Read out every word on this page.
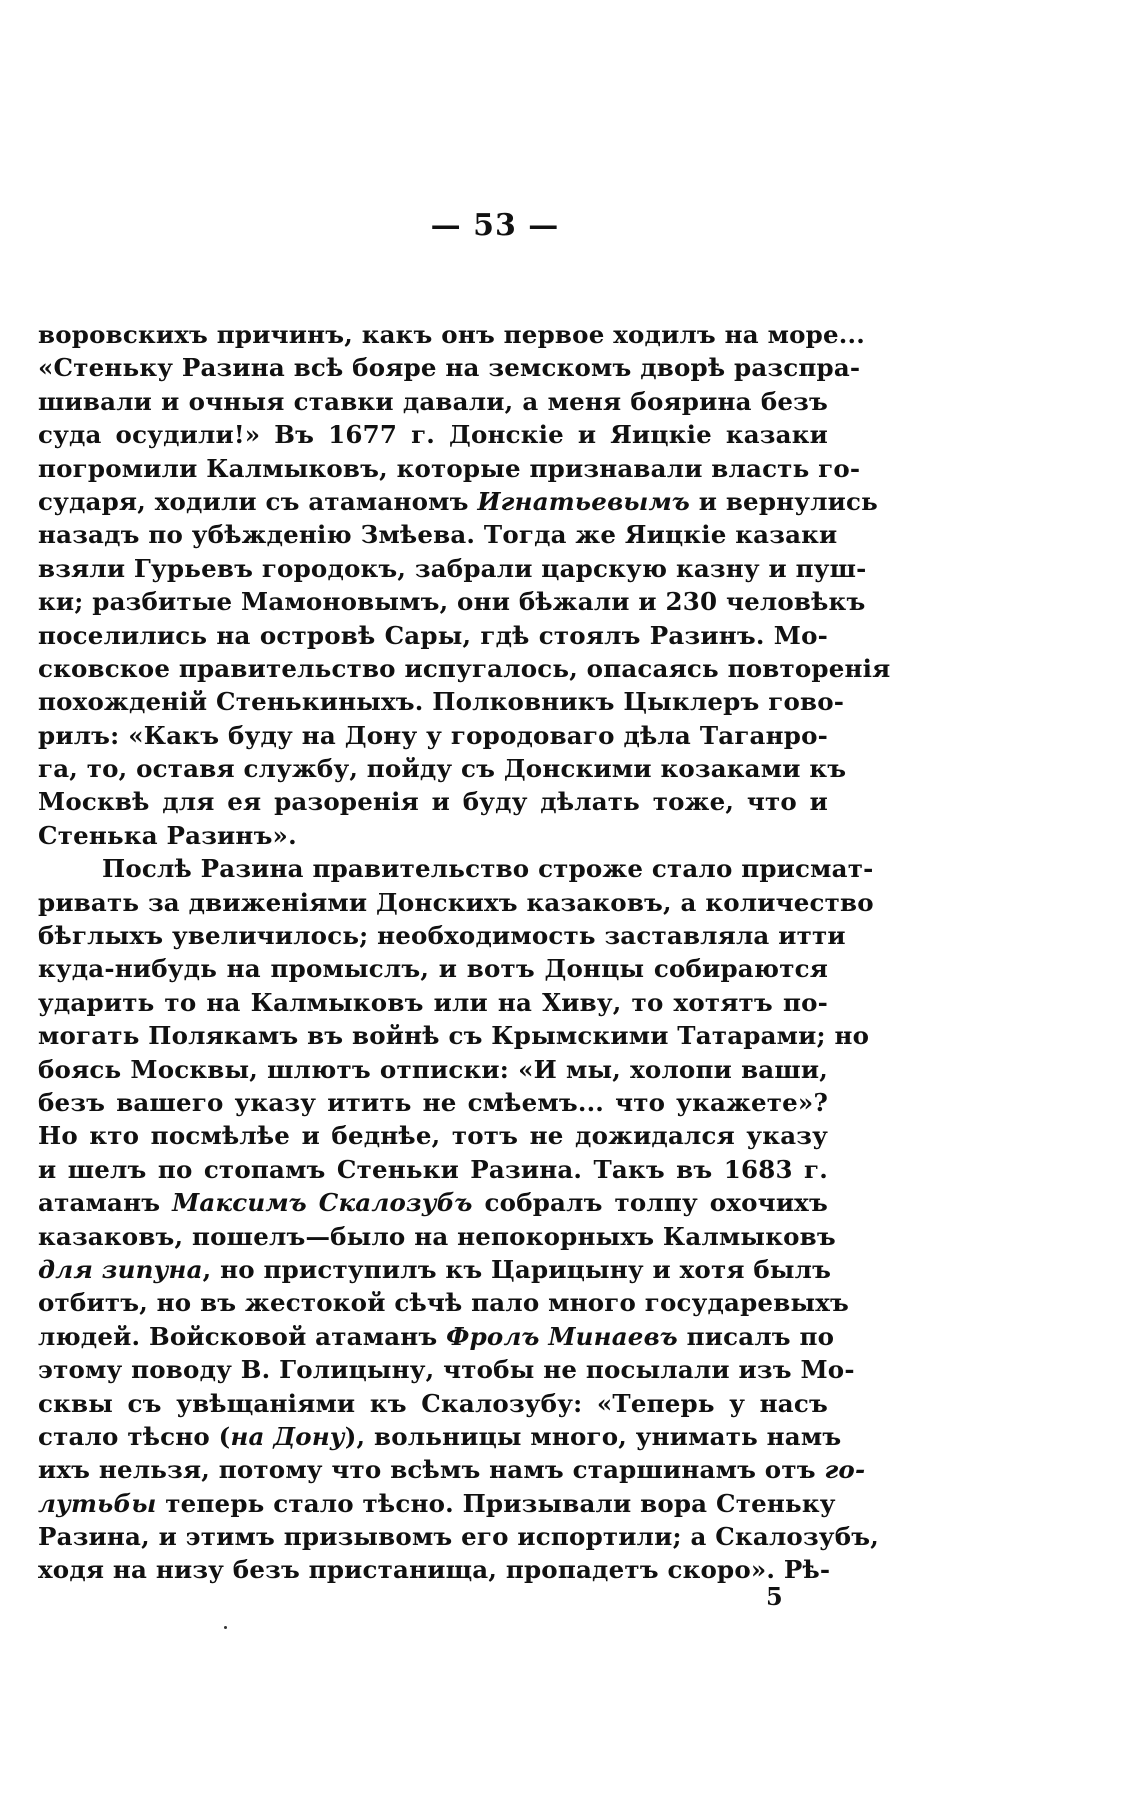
— 53 —
воровскихъ причинъ, какъ онъ первое ходилъ на море...
«Стеньку Разина всѣ бояре на земскомъ дворѣ разспра-
шивали и очныя ставки давали, а меня боярина безъ
суда осудили!» Въ 1677 г. Донскіе и Яицкіе казаки
погромили Калмыковъ, которые признавали власть го-
сударя, ходили съ атаманомъ Игнатьевымъ и вернулись
назадъ по убѣжденію Змѣева. Тогда же Яицкіе казаки
взяли Гурьевъ городокъ, забрали царскую казну и пуш-
ки; разбитые Мамоновымъ, они бѣжали и 230 человѣкъ
поселились на островѣ Сары, гдѣ стоялъ Разинъ. Мо-
сковское правительство испугалось, опасаясь повторенія
похожденій Стенькиныхъ. Полковникъ Цыклеръ гово-
рилъ: «Какъ буду на Дону у городоваго дѣла Таганро-
га, то, оставя службу, пойду съ Донскими козаками къ
Москвѣ для ея разоренія и буду дѣлать тоже, что и
Стенька Разинъ».
Послѣ Разина правительство строже стало присмат-
ривать за движеніями Донскихъ казаковъ, а количество
бѣглыхъ увеличилось; необходимость заставляла итти
куда-нибудь на промыслъ, и вотъ Донцы собираются
ударить то на Калмыковъ или на Хиву, то хотятъ по-
могать Полякамъ въ войнѣ съ Крымскими Татарами; но
боясь Москвы, шлютъ отписки: «И мы, холопи ваши,
безъ вашего указу итить не смѣемъ... что укажете»?
Но кто посмѣлѣе и беднѣе, тотъ не дожидался указу
и шелъ по стопамъ Стеньки Разина. Такъ въ 1683 г.
атаманъ Максимъ Скалозубъ собралъ толпу охочихъ
казаковъ, пошелъ—было на непокорныхъ Калмыковъ
для зипуна, но приступилъ къ Царицыну и хотя былъ
отбитъ, но въ жестокой сѣчѣ пало много государевыхъ
людей. Войсковой атаманъ Фролъ Минаевъ писалъ по
этому поводу В. Голицыну, чтобы не посылали изъ Мо-
сквы съ увѣщаніями къ Скалозубу: «Теперь у насъ
стало тѣсно (на Дону), вольницы много, унимать намъ
ихъ нельзя, потому что всѣмъ намъ старшинамъ отъ го-
лутьбы теперь стало тѣсно. Призывали вора Стеньку
Разина, и этимъ призывомъ его испортили; а Скалозубъ,
ходя на низу безъ пристанища, пропадетъ скоро». Рѣ-
5
